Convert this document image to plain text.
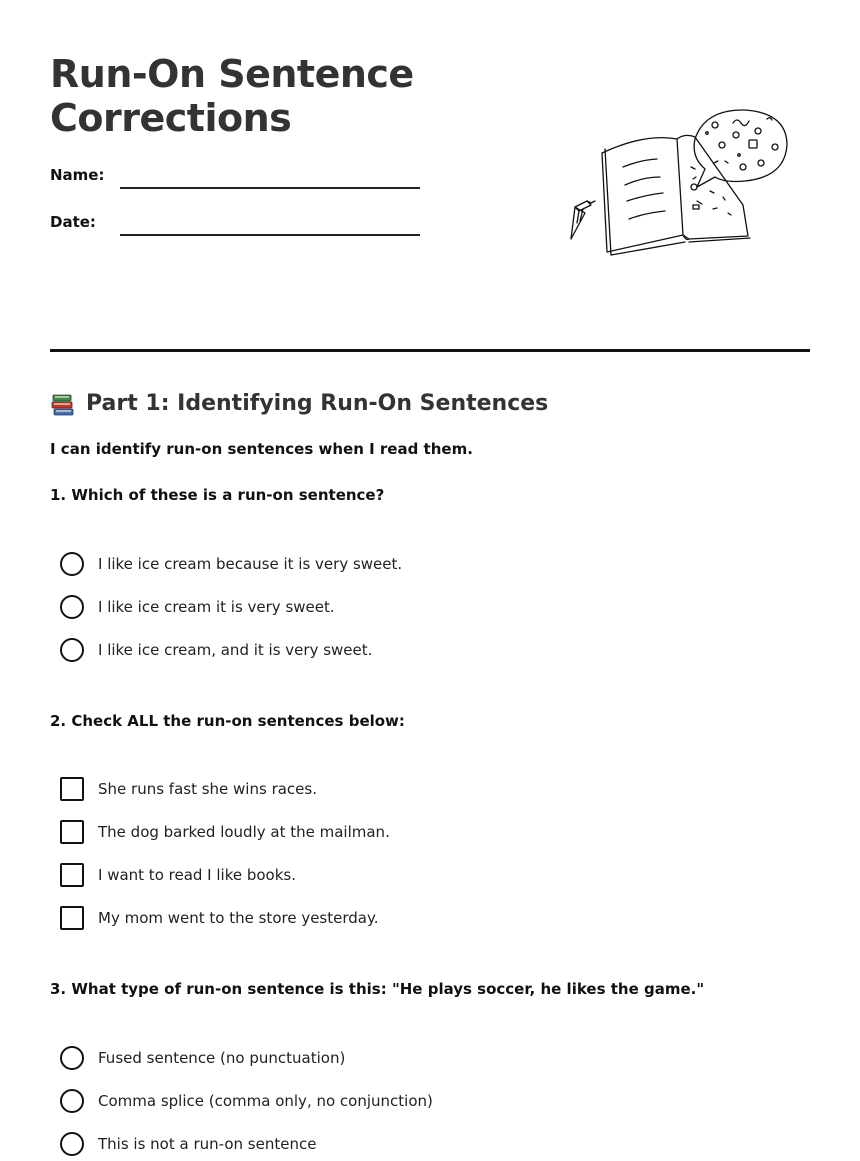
Run-On Sentence Corrections
Name:
Date:
Part 1: Identifying Run-On Sentences
I can identify run-on sentences when I read them.
1. Which of these is a run-on sentence?
I like ice cream because it is very sweet.
I like ice cream it is very sweet.
I like ice cream, and it is very sweet.
2. Check ALL the run-on sentences below:
She runs fast she wins races.
The dog barked loudly at the mailman.
I want to read I like books.
My mom went to the store yesterday.
3. What type of run-on sentence is this: "He plays soccer, he likes the game."
Fused sentence (no punctuation)
Comma splice (comma only, no conjunction)
This is not a run-on sentence
